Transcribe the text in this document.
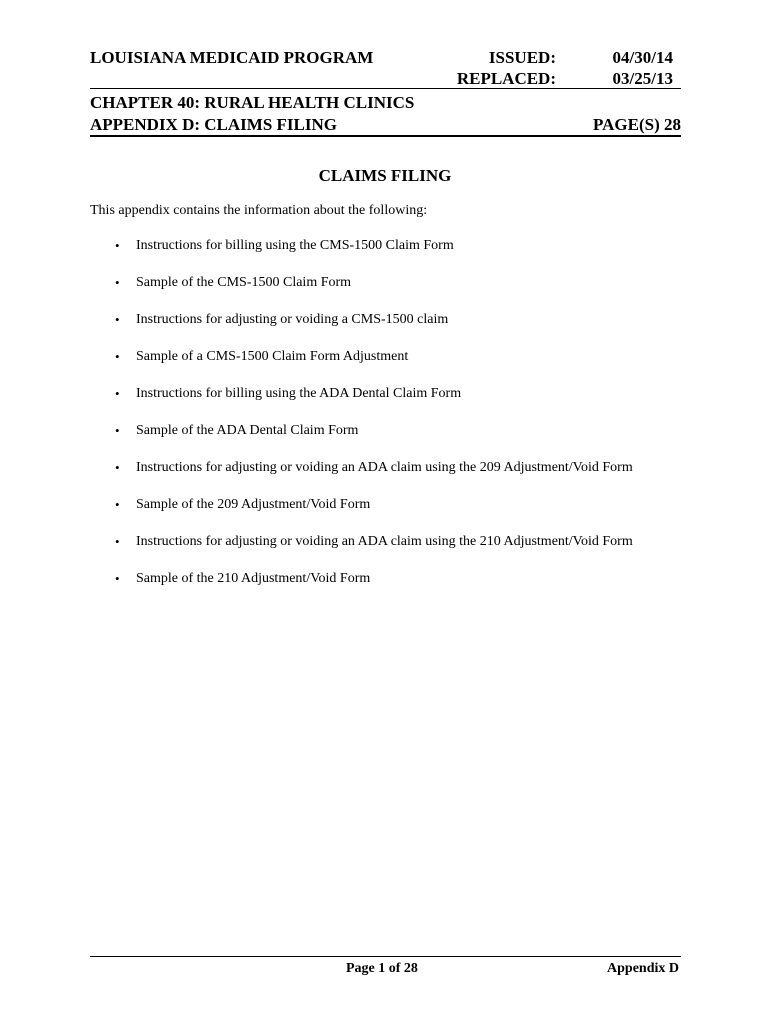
LOUISIANA MEDICAID PROGRAM	ISSUED:	04/30/14
REPLACED:	03/25/13
CHAPTER 40: RURAL HEALTH CLINICS
APPENDIX D: CLAIMS FILING	PAGE(S) 28
CLAIMS FILING
This appendix contains the information about the following:
• Instructions for billing using the CMS-1500 Claim Form
• Sample of the CMS-1500 Claim Form
• Instructions for adjusting or voiding a CMS-1500 claim
• Sample of a CMS-1500 Claim Form Adjustment
• Instructions for billing using the ADA Dental Claim Form
• Sample of the ADA Dental Claim Form
• Instructions for adjusting or voiding an ADA claim using the 209 Adjustment/Void Form
• Sample of the 209 Adjustment/Void Form
• Instructions for adjusting or voiding an ADA claim using the 210 Adjustment/Void Form
• Sample of the 210 Adjustment/Void Form
Page 1 of 28	Appendix D
